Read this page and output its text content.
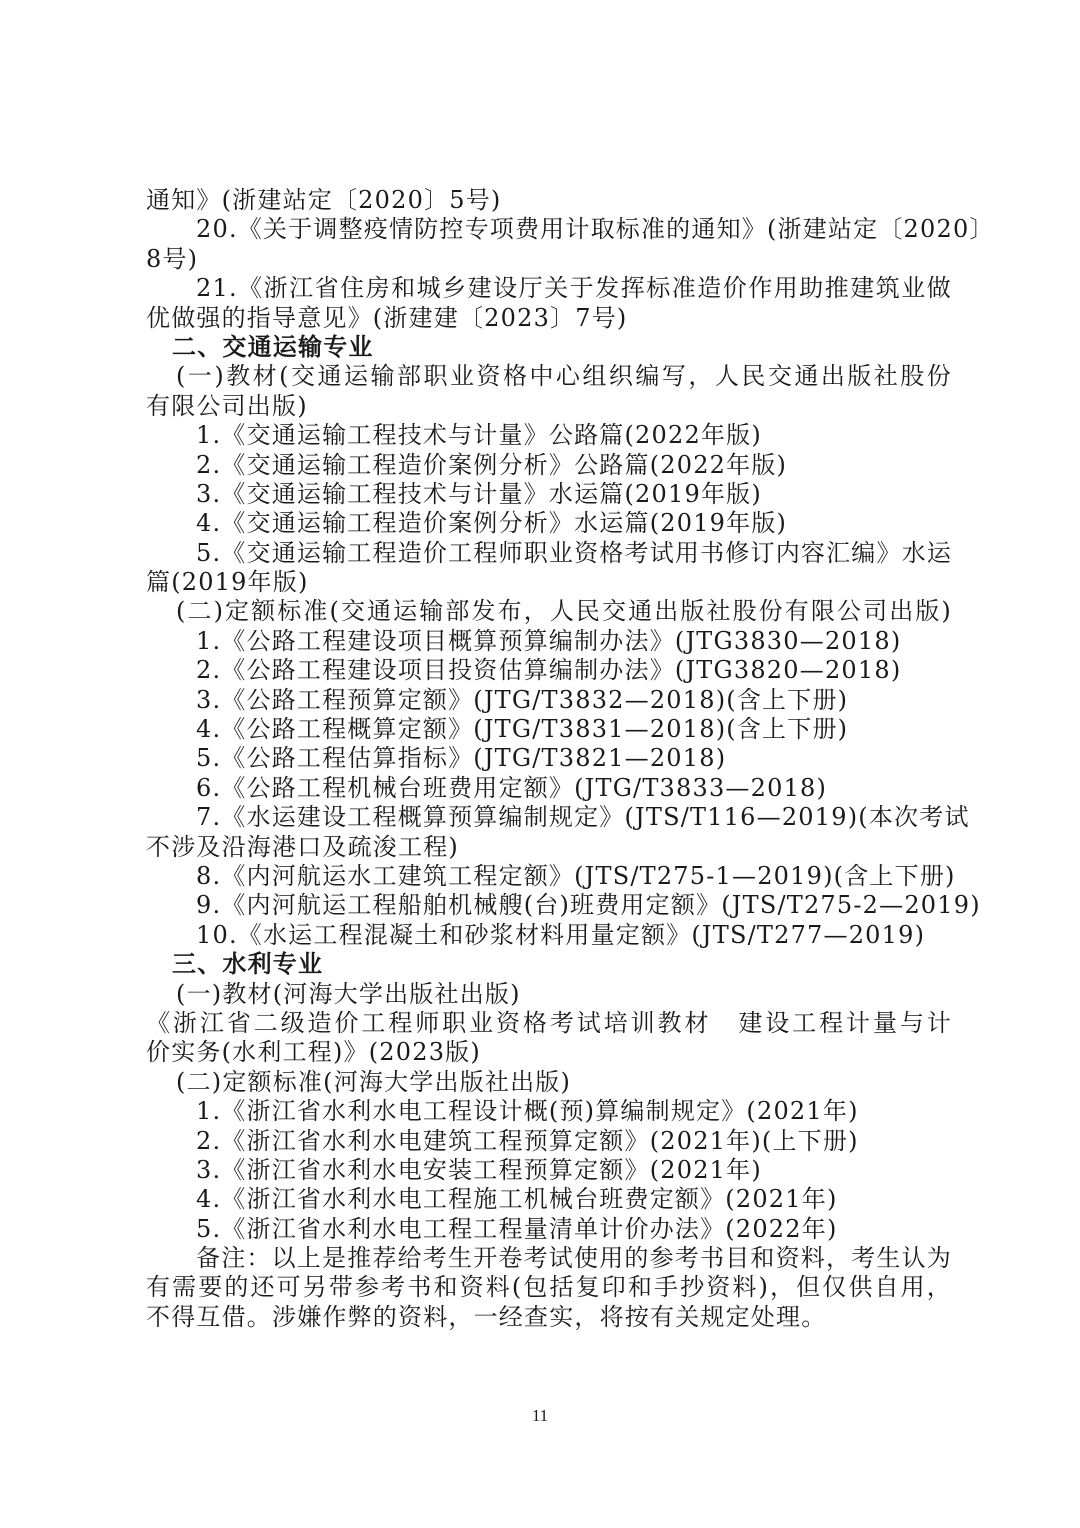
通知》(浙建站定〔2020〕5号)
20.《关于调整疫情防控专项费用计取标准的通知》(浙建站定〔2020〕
8号)
21.《浙江省住房和城乡建设厅关于发挥标准造价作用助推建筑业做
优做强的指导意见》(浙建建〔2023〕7号)
二、交通运输专业
(一)教材(交通运输部职业资格中心组织编写，人民交通出版社股份
有限公司出版)
1.《交通运输工程技术与计量》公路篇(2022年版)
2.《交通运输工程造价案例分析》公路篇(2022年版)
3.《交通运输工程技术与计量》水运篇(2019年版)
4.《交通运输工程造价案例分析》水运篇(2019年版)
5.《交通运输工程造价工程师职业资格考试用书修订内容汇编》水运
篇(2019年版)
(二)定额标准(交通运输部发布，人民交通出版社股份有限公司出版)
1.《公路工程建设项目概算预算编制办法》(JTG3830—2018)
2.《公路工程建设项目投资估算编制办法》(JTG3820—2018)
3.《公路工程预算定额》(JTG/T3832—2018)(含上下册)
4.《公路工程概算定额》(JTG/T3831—2018)(含上下册)
5.《公路工程估算指标》(JTG/T3821—2018)
6.《公路工程机械台班费用定额》(JTG/T3833—2018)
7.《水运建设工程概算预算编制规定》(JTS/T116—2019)(本次考试
不涉及沿海港口及疏浚工程)
8.《内河航运水工建筑工程定额》(JTS/T275-1—2019)(含上下册)
9.《内河航运工程船舶机械艘(台)班费用定额》(JTS/T275-2—2019)
10.《水运工程混凝土和砂浆材料用量定额》(JTS/T277—2019)
三、水利专业
(一)教材(河海大学出版社出版)
《浙江省二级造价工程师职业资格考试培训教材　建设工程计量与计
价实务(水利工程)》(2023版)
(二)定额标准(河海大学出版社出版)
1.《浙江省水利水电工程设计概(预)算编制规定》(2021年)
2.《浙江省水利水电建筑工程预算定额》(2021年)(上下册)
3.《浙江省水利水电安装工程预算定额》(2021年)
4.《浙江省水利水电工程施工机械台班费定额》(2021年)
5.《浙江省水利水电工程工程量清单计价办法》(2022年)
备注：以上是推荐给考生开卷考试使用的参考书目和资料，考生认为
有需要的还可另带参考书和资料(包括复印和手抄资料)，但仅供自用，
不得互借。涉嫌作弊的资料，一经查实，将按有关规定处理。
11
